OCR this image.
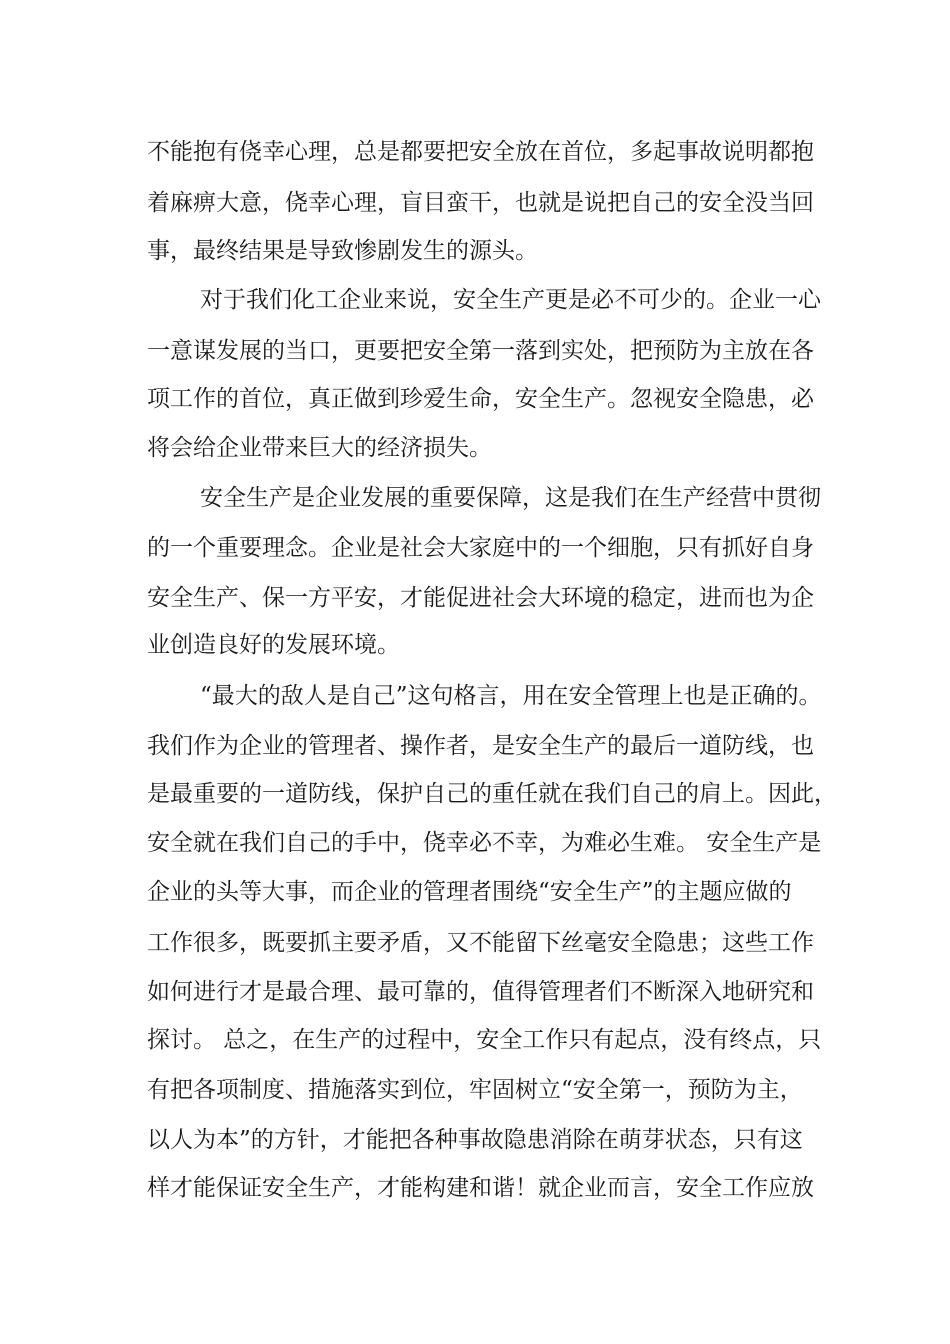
不能抱有侥幸心理，总是都要把安全放在首位，多起事故说明都抱
着麻痹大意，侥幸心理，盲目蛮干，也就是说把自己的安全没当回
事，最终结果是导致惨剧发生的源头。
对于我们化工企业来说，安全生产更是必不可少的。企业一心
一意谋发展的当口，更要把安全第一落到实处，把预防为主放在各
项工作的首位，真正做到珍爱生命，安全生产。忽视安全隐患，必
将会给企业带来巨大的经济损失。
安全生产是企业发展的重要保障，这是我们在生产经营中贯彻
的一个重要理念。企业是社会大家庭中的一个细胞，只有抓好自身
安全生产、保一方平安，才能促进社会大环境的稳定，进而也为企
业创造良好的发展环境。
“最大的敌人是自己”这句格言，用在安全管理上也是正确的。
我们作为企业的管理者、操作者，是安全生产的最后一道防线，也
是最重要的一道防线，保护自己的重任就在我们自己的肩上。因此，
安全就在我们自己的手中，侥幸必不幸，为难必生难。 安全生产是
企业的头等大事，而企业的管理者围绕“安全生产”的主题应做的
工作很多，既要抓主要矛盾，又不能留下丝毫安全隐患；这些工作
如何进行才是最合理、最可靠的，值得管理者们不断深入地研究和
探讨。 总之，在生产的过程中，安全工作只有起点，没有终点，只
有把各项制度、措施落实到位，牢固树立“安全第一，预防为主，
以人为本”的方针，才能把各种事故隐患消除在萌芽状态，只有这
样才能保证安全生产，才能构建和谐！就企业而言，安全工作应放
